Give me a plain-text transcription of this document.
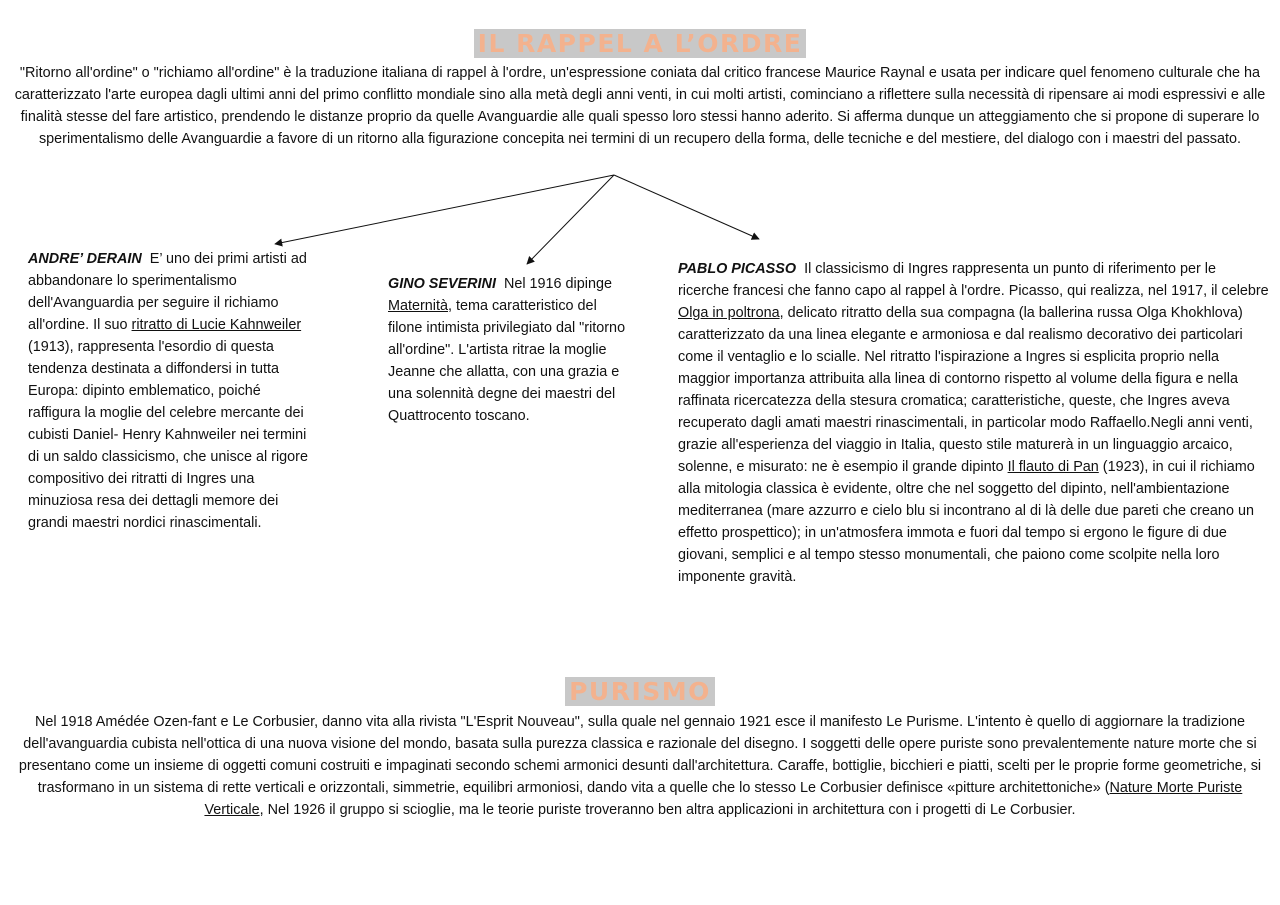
IL RAPPEL A L’ORDRE

"Ritorno all'ordine" o "richiamo all'ordine" è la traduzione italiana di rappel à l'ordre, un'espressione coniata dal critico francese Maurice Raynal e usata per indicare quel fenomeno culturale che ha caratterizzato l'arte europea dagli ultimi anni del primo conflitto mondiale sino alla metà degli anni venti, in cui molti artisti, cominciano a riflettere sulla necessità di ripensare ai modi espressivi e alle finalità stesse del fare artistico, prendendo le distanze proprio da quelle Avanguardie alle quali spesso loro stessi hanno aderito. Si afferma dunque un atteggiamento che si propone di superare lo sperimentalismo delle Avanguardie a favore di un ritorno alla figurazione concepita nei termini di un recupero della forma, delle tecniche e del mestiere, del dialogo con i maestri del passato.

ANDRE’ DERAIN E’ uno dei primi artisti ad abbandonare lo sperimentalismo dell'Avanguardia per seguire il richiamo all'ordine. Il suo ritratto di Lucie Kahnweiler (1913), rappresenta l'esordio di questa tendenza destinata a diffondersi in tutta Europa: dipinto emblematico, poiché raffigura la moglie del celebre mercante dei cubisti Daniel- Henry Kahnweiler nei termini di un saldo classicismo, che unisce al rigore compositivo dei ritratti di Ingres una minuziosa resa dei dettagli memore dei grandi maestri nordici rinascimentali.

GINO SEVERINI Nel 1916 dipinge Maternità, tema caratteristico del filone intimista privilegiato dal "ritorno all'ordine". L'artista ritrae la moglie Jeanne che allatta, con una grazia e una solennità degne dei maestri del Quattrocento toscano.

PABLO PICASSO Il classicismo di Ingres rappresenta un punto di riferimento per le ricerche francesi che fanno capo al rappel à l'ordre. Picasso, qui realizza, nel 1917, il celebre Olga in poltrona, delicato ritratto della sua compagna (la ballerina russa Olga Khokhlova) caratterizzato da una linea elegante e armoniosa e dal realismo decorativo dei particolari come il ventaglio e lo scialle. Nel ritratto l'ispirazione a Ingres si esplicita proprio nella maggior importanza attribuita alla linea di contorno rispetto al volume della figura e nella raffinata ricercatezza della stesura cromatica; caratteristiche, queste, che Ingres aveva recuperato dagli amati maestri rinascimentali, in particolar modo Raffaello.Negli anni venti, grazie all'esperienza del viaggio in Italia, questo stile maturerà in un linguaggio arcaico, solenne, e misurato: ne è esempio il grande dipinto Il flauto di Pan (1923), in cui il richiamo alla mitologia classica è evidente, oltre che nel soggetto del dipinto, nell'ambientazione mediterranea (mare azzurro e cielo blu si incontrano al di là delle due pareti che creano un effetto prospettico); in un'atmosfera immota e fuori dal tempo si ergono le figure di due giovani, semplici e al tempo stesso monumentali, che paiono come scolpite nella loro imponente gravità.

PURISMO

Nel 1918 Amédée Ozen-fant e Le Corbusier, danno vita alla rivista "L'Esprit Nouveau", sulla quale nel gennaio 1921 esce il manifesto Le Purisme. L'intento è quello di aggiornare la tradizione dell'avanguardia cubista nell'ottica di una nuova visione del mondo, basata sulla purezza classica e razionale del disegno. I soggetti delle opere puriste sono prevalentemente nature morte che si presentano come un insieme di oggetti comuni costruiti e impaginati secondo schemi armonici desunti dall'architettura. Caraffe, bottiglie, bicchieri e piatti, scelti per le proprie forme geometriche, si trasformano in un sistema di rette verticali e orizzontali, simmetrie, equilibri armoniosi, dando vita a quelle che lo stesso Le Corbusier definisce «pitture architettoniche» (Nature Morte Puriste Verticale, Nel 1926 il gruppo si scioglie, ma le teorie puriste troveranno ben altra applicazioni in architettura con i progetti di Le Corbusier.
